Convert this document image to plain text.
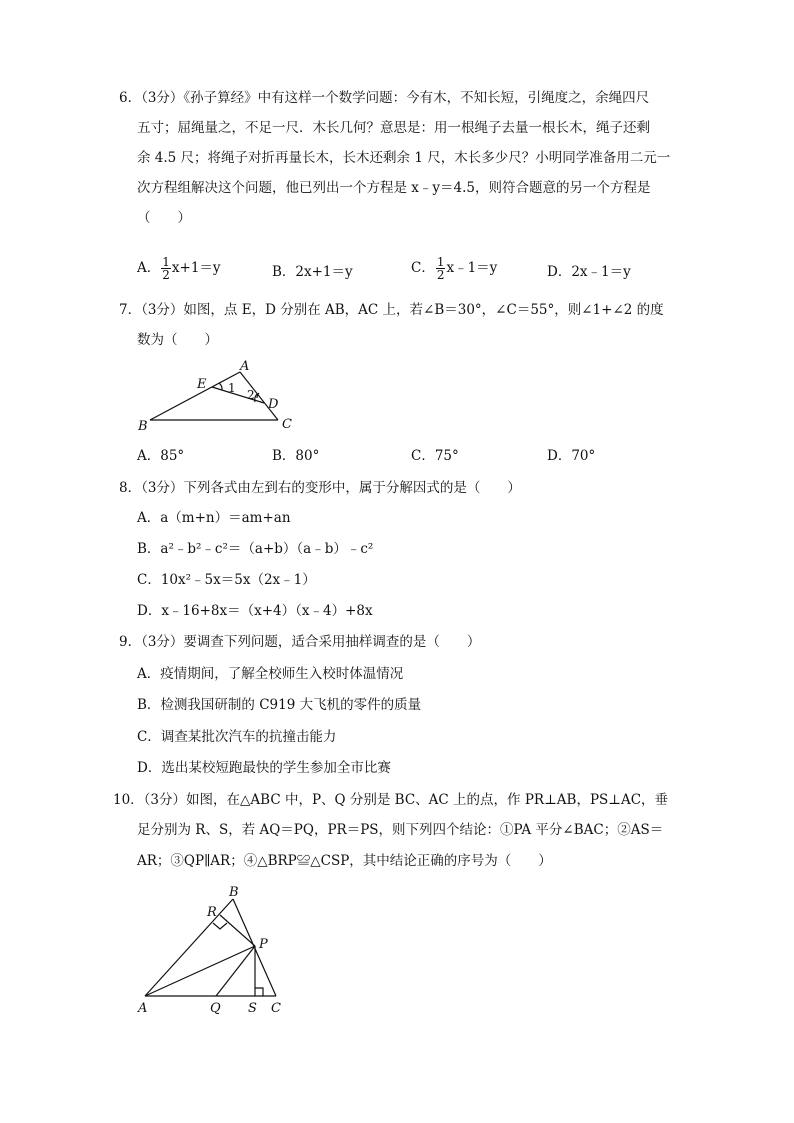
6．（3分）《孙子算经》中有这样一个数学问题：今有木，不知长短，引绳度之，余绳四尺
五寸；屈绳量之，不足一尺．木长几何？意思是：用一根绳子去量一根长木，绳子还剩
余 4.5 尺；将绳子对折再量长木，长木还剩余 1 尺，木长多少尺？小明同学准备用二元一
次方程组解决这个问题，他已列出一个方程是 x﹣y＝4.5，则符合题意的另一个方程是
（　　）
A． $\frac{1}{2} x+1=y$	B．2x+1＝y	C． $\frac{1}{2}$ x﹣1＝y	D．2x﹣1＝y
7．（3分）如图，点 E，D 分别在 AB，AC 上，若∠B＝30°，∠C＝55°，则∠1+∠2 的度
数为（　　）
A
B	C
D
E 1 2
A．85°	B．80°	C．75°	D．70°
8．（3分）下列各式由左到右的变形中，属于分解因式的是（　　）
A．a（m+n）＝am+an
B．a²﹣b²﹣c²＝（a+b）（a﹣b）﹣c²
C．10x²﹣5x＝5x（2x﹣1）
D．x﹣16+8x＝（x+4）（x﹣4）+8x
9．（3分）要调查下列问题，适合采用抽样调查的是（　　）
A．疫情期间，了解全校师生入校时体温情况
B．检测我国研制的 C919 大飞机的零件的质量
C．调查某批次汽车的抗撞击能力
D．选出某校短跑最快的学生参加全市比赛
10．（3分）如图，在△ABC 中，P、Q 分别是 BC、AC 上的点，作 PR⊥AB，PS⊥AC，垂
足分别为 R、S，若 AQ＝PQ，PR＝PS，则下列四个结论：①PA 平分∠BAC；②AS＝
AR；③QP∥AR；④△BRP≌△CSP，其中结论正确的序号为（　　）
A
B
C
P
Q
R
S
